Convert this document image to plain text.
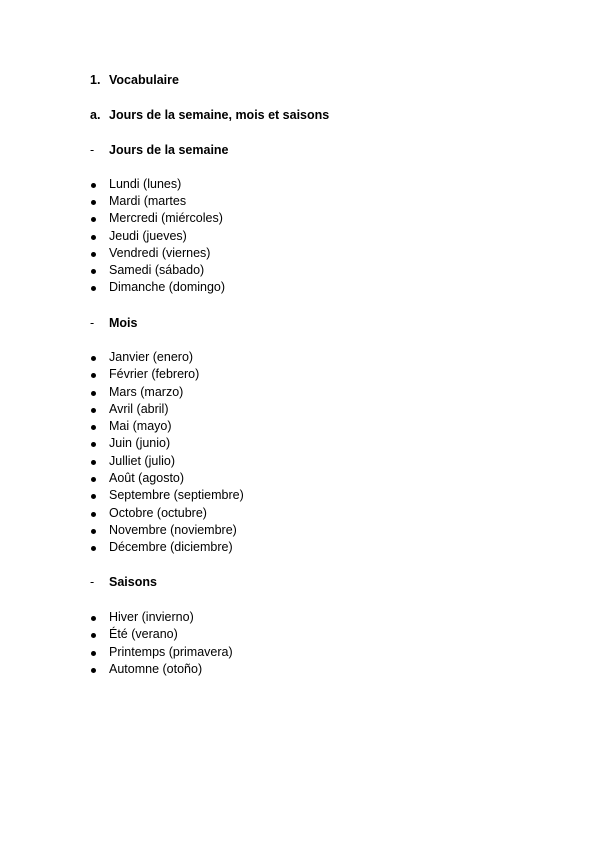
1. Vocabulaire
a. Jours de la semaine, mois et saisons
- Jours de la semaine
Lundi (lunes)
Mardi (martes
Mercredi (miércoles)
Jeudi (jueves)
Vendredi (viernes)
Samedi (sábado)
Dimanche (domingo)
- Mois
Janvier (enero)
Février (febrero)
Mars (marzo)
Avril (abril)
Mai (mayo)
Juin (junio)
Julliet (julio)
Août (agosto)
Septembre (septiembre)
Octobre (octubre)
Novembre (noviembre)
Décembre (diciembre)
- Saisons
Hiver (invierno)
Été (verano)
Printemps (primavera)
Automne (otoño)
